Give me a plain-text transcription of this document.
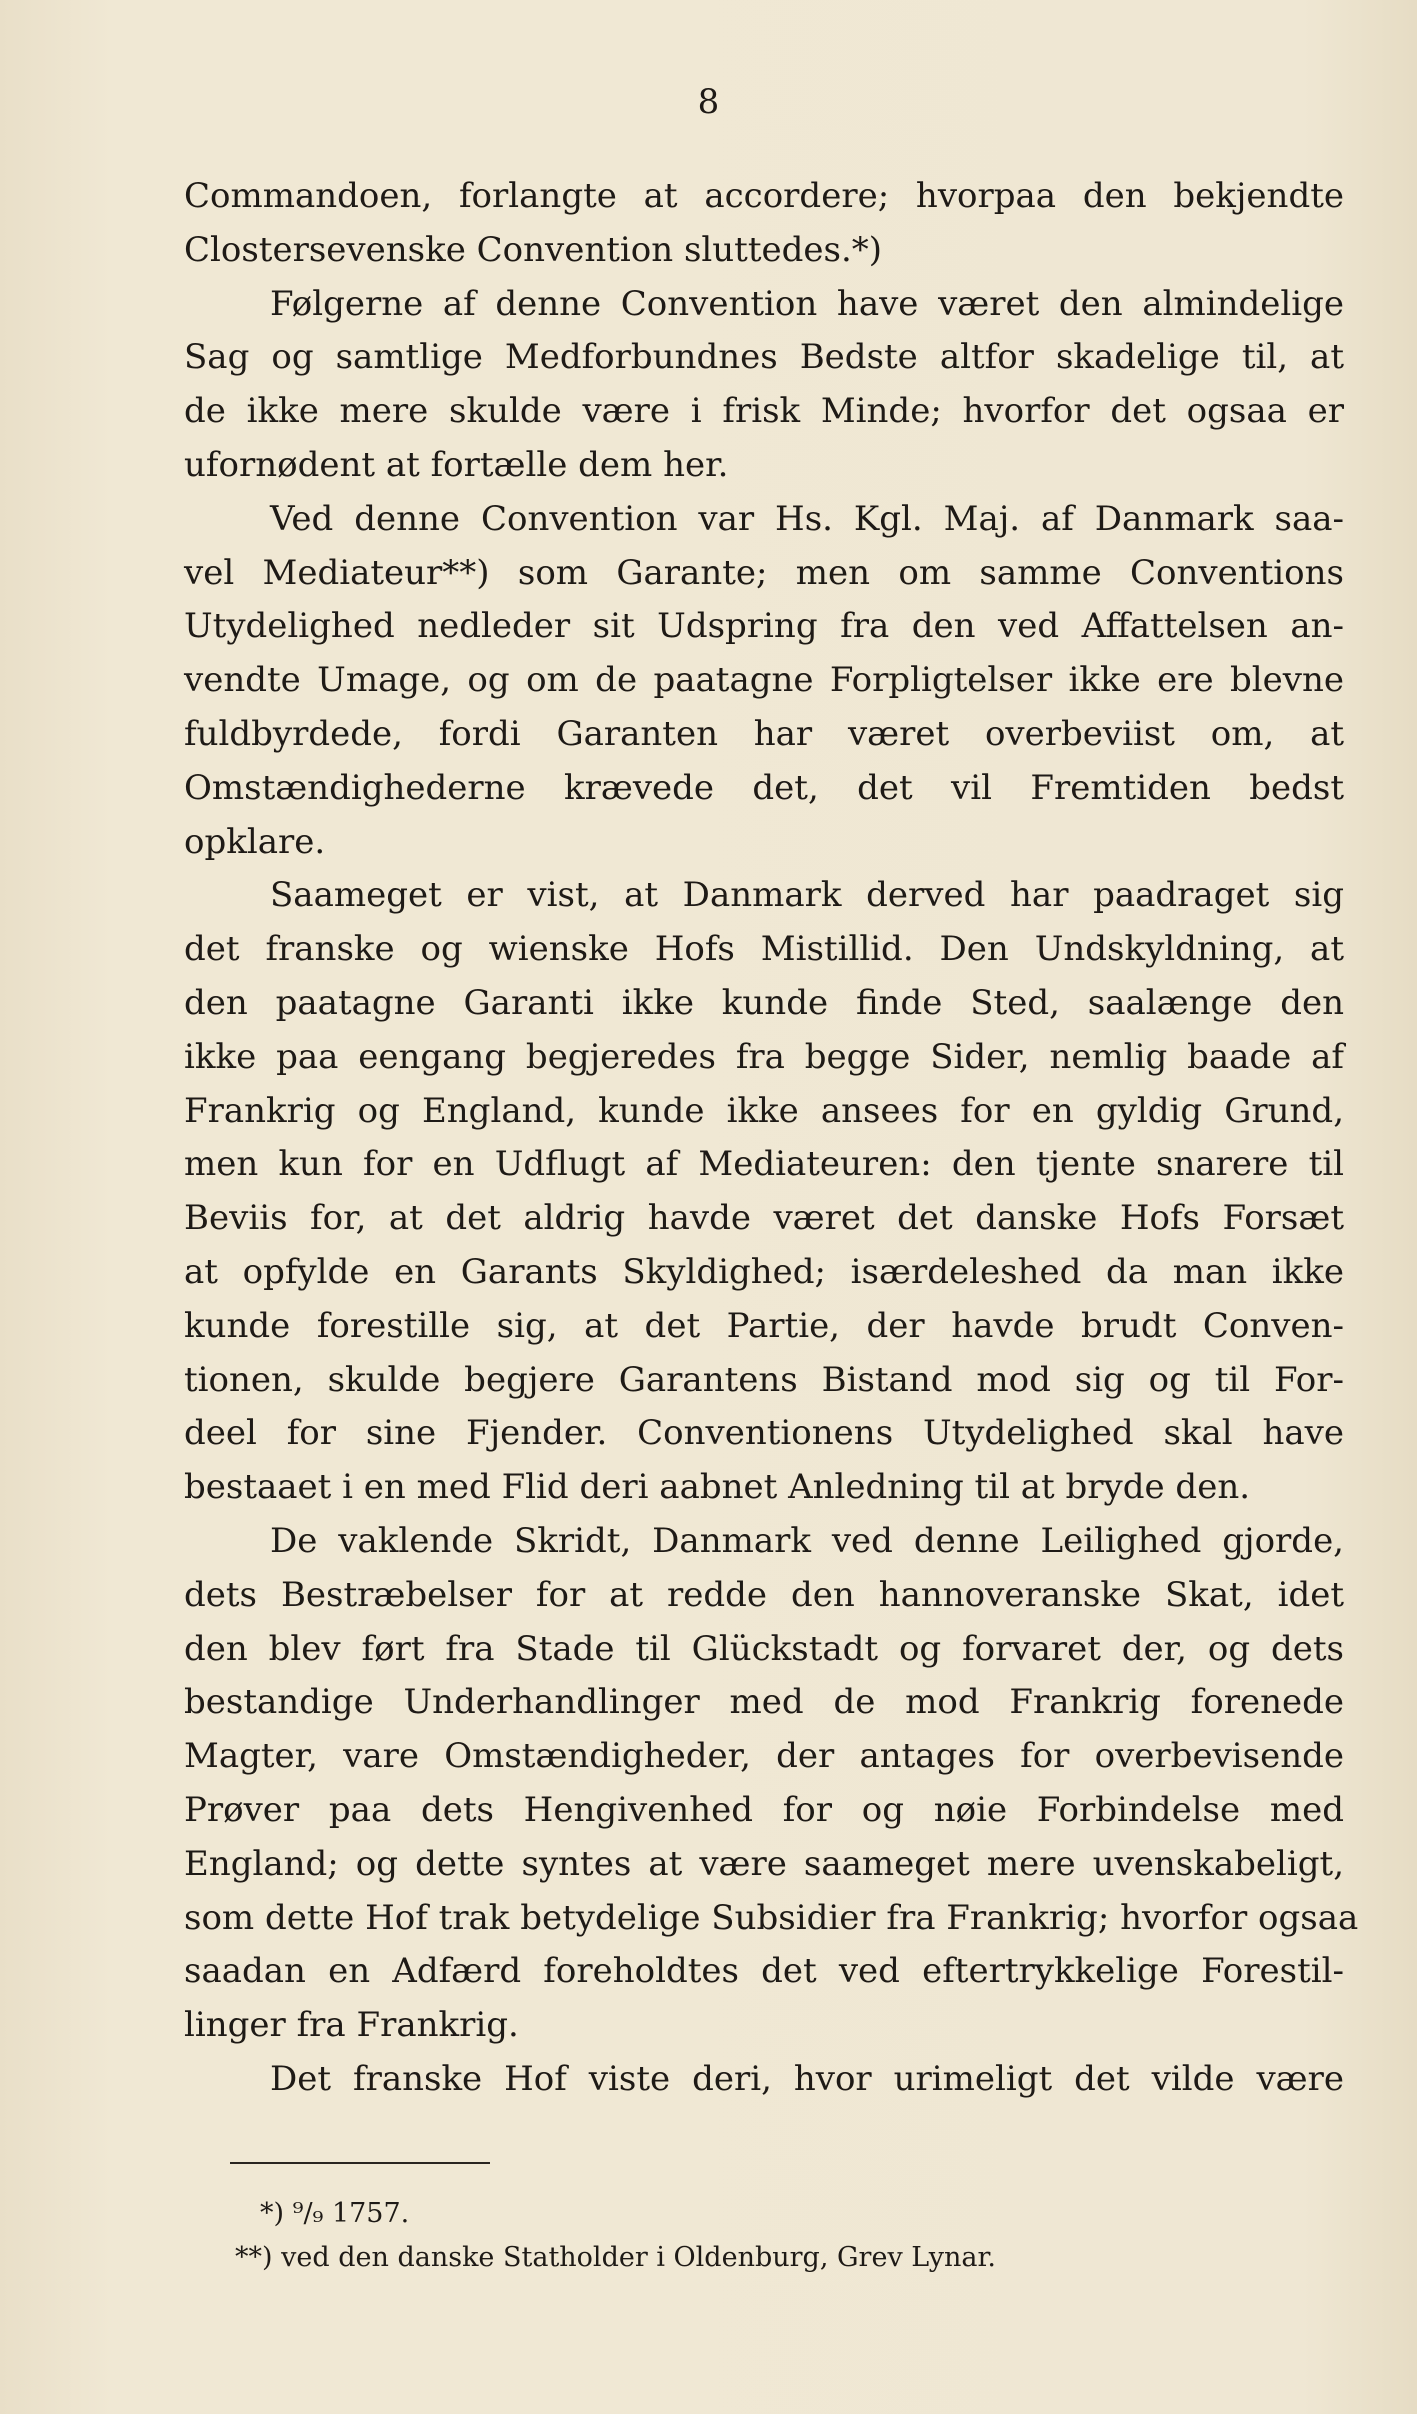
8
Commandoen, forlangte at accordere; hvorpaa den bekjendte
Clostersevenske Convention sluttedes.*)
Følgerne af denne Convention have været den almindelige
Sag og samtlige Medforbundnes Bedste altfor skadelige til, at
de ikke mere skulde være i frisk Minde; hvorfor det ogsaa er
ufornødent at fortælle dem her.
Ved denne Convention var Hs. Kgl. Maj. af Danmark saa-
vel Mediateur**) som Garante; men om samme Conventions
Utydelighed nedleder sit Udspring fra den ved Affattelsen an-
vendte Umage, og om de paatagne Forpligtelser ikke ere blevne
fuldbyrdede, fordi Garanten har været overbeviist om, at
Omstændighederne krævede det, det vil Fremtiden bedst
opklare.
Saameget er vist, at Danmark derved har paadraget sig
det franske og wienske Hofs Mistillid. Den Undskyldning, at
den paatagne Garanti ikke kunde finde Sted, saalænge den
ikke paa eengang begjeredes fra begge Sider, nemlig baade af
Frankrig og England, kunde ikke ansees for en gyldig Grund,
men kun for en Udflugt af Mediateuren: den tjente snarere til
Beviis for, at det aldrig havde været det danske Hofs Forsæt
at opfylde en Garants Skyldighed; isærdeleshed da man ikke
kunde forestille sig, at det Partie, der havde brudt Conven-
tionen, skulde begjere Garantens Bistand mod sig og til For-
deel for sine Fjender. Conventionens Utydelighed skal have
bestaaet i en med Flid deri aabnet Anledning til at bryde den.
De vaklende Skridt, Danmark ved denne Leilighed gjorde,
dets Bestræbelser for at redde den hannoveranske Skat, idet
den blev ført fra Stade til Glückstadt og forvaret der, og dets
bestandige Underhandlinger med de mod Frankrig forenede
Magter, vare Omstændigheder, der antages for overbevisende
Prøver paa dets Hengivenhed for og nøie Forbindelse med
England; og dette syntes at være saameget mere uvenskabeligt,
som dette Hof trak betydelige Subsidier fra Frankrig; hvorfor ogsaa
saadan en Adfærd foreholdtes det ved eftertrykkelige Forestil-
linger fra Frankrig.
Det franske Hof viste deri, hvor urimeligt det vilde være
*) ⁹/₉ 1757.
**) ved den danske Statholder i Oldenburg, Grev Lynar.
